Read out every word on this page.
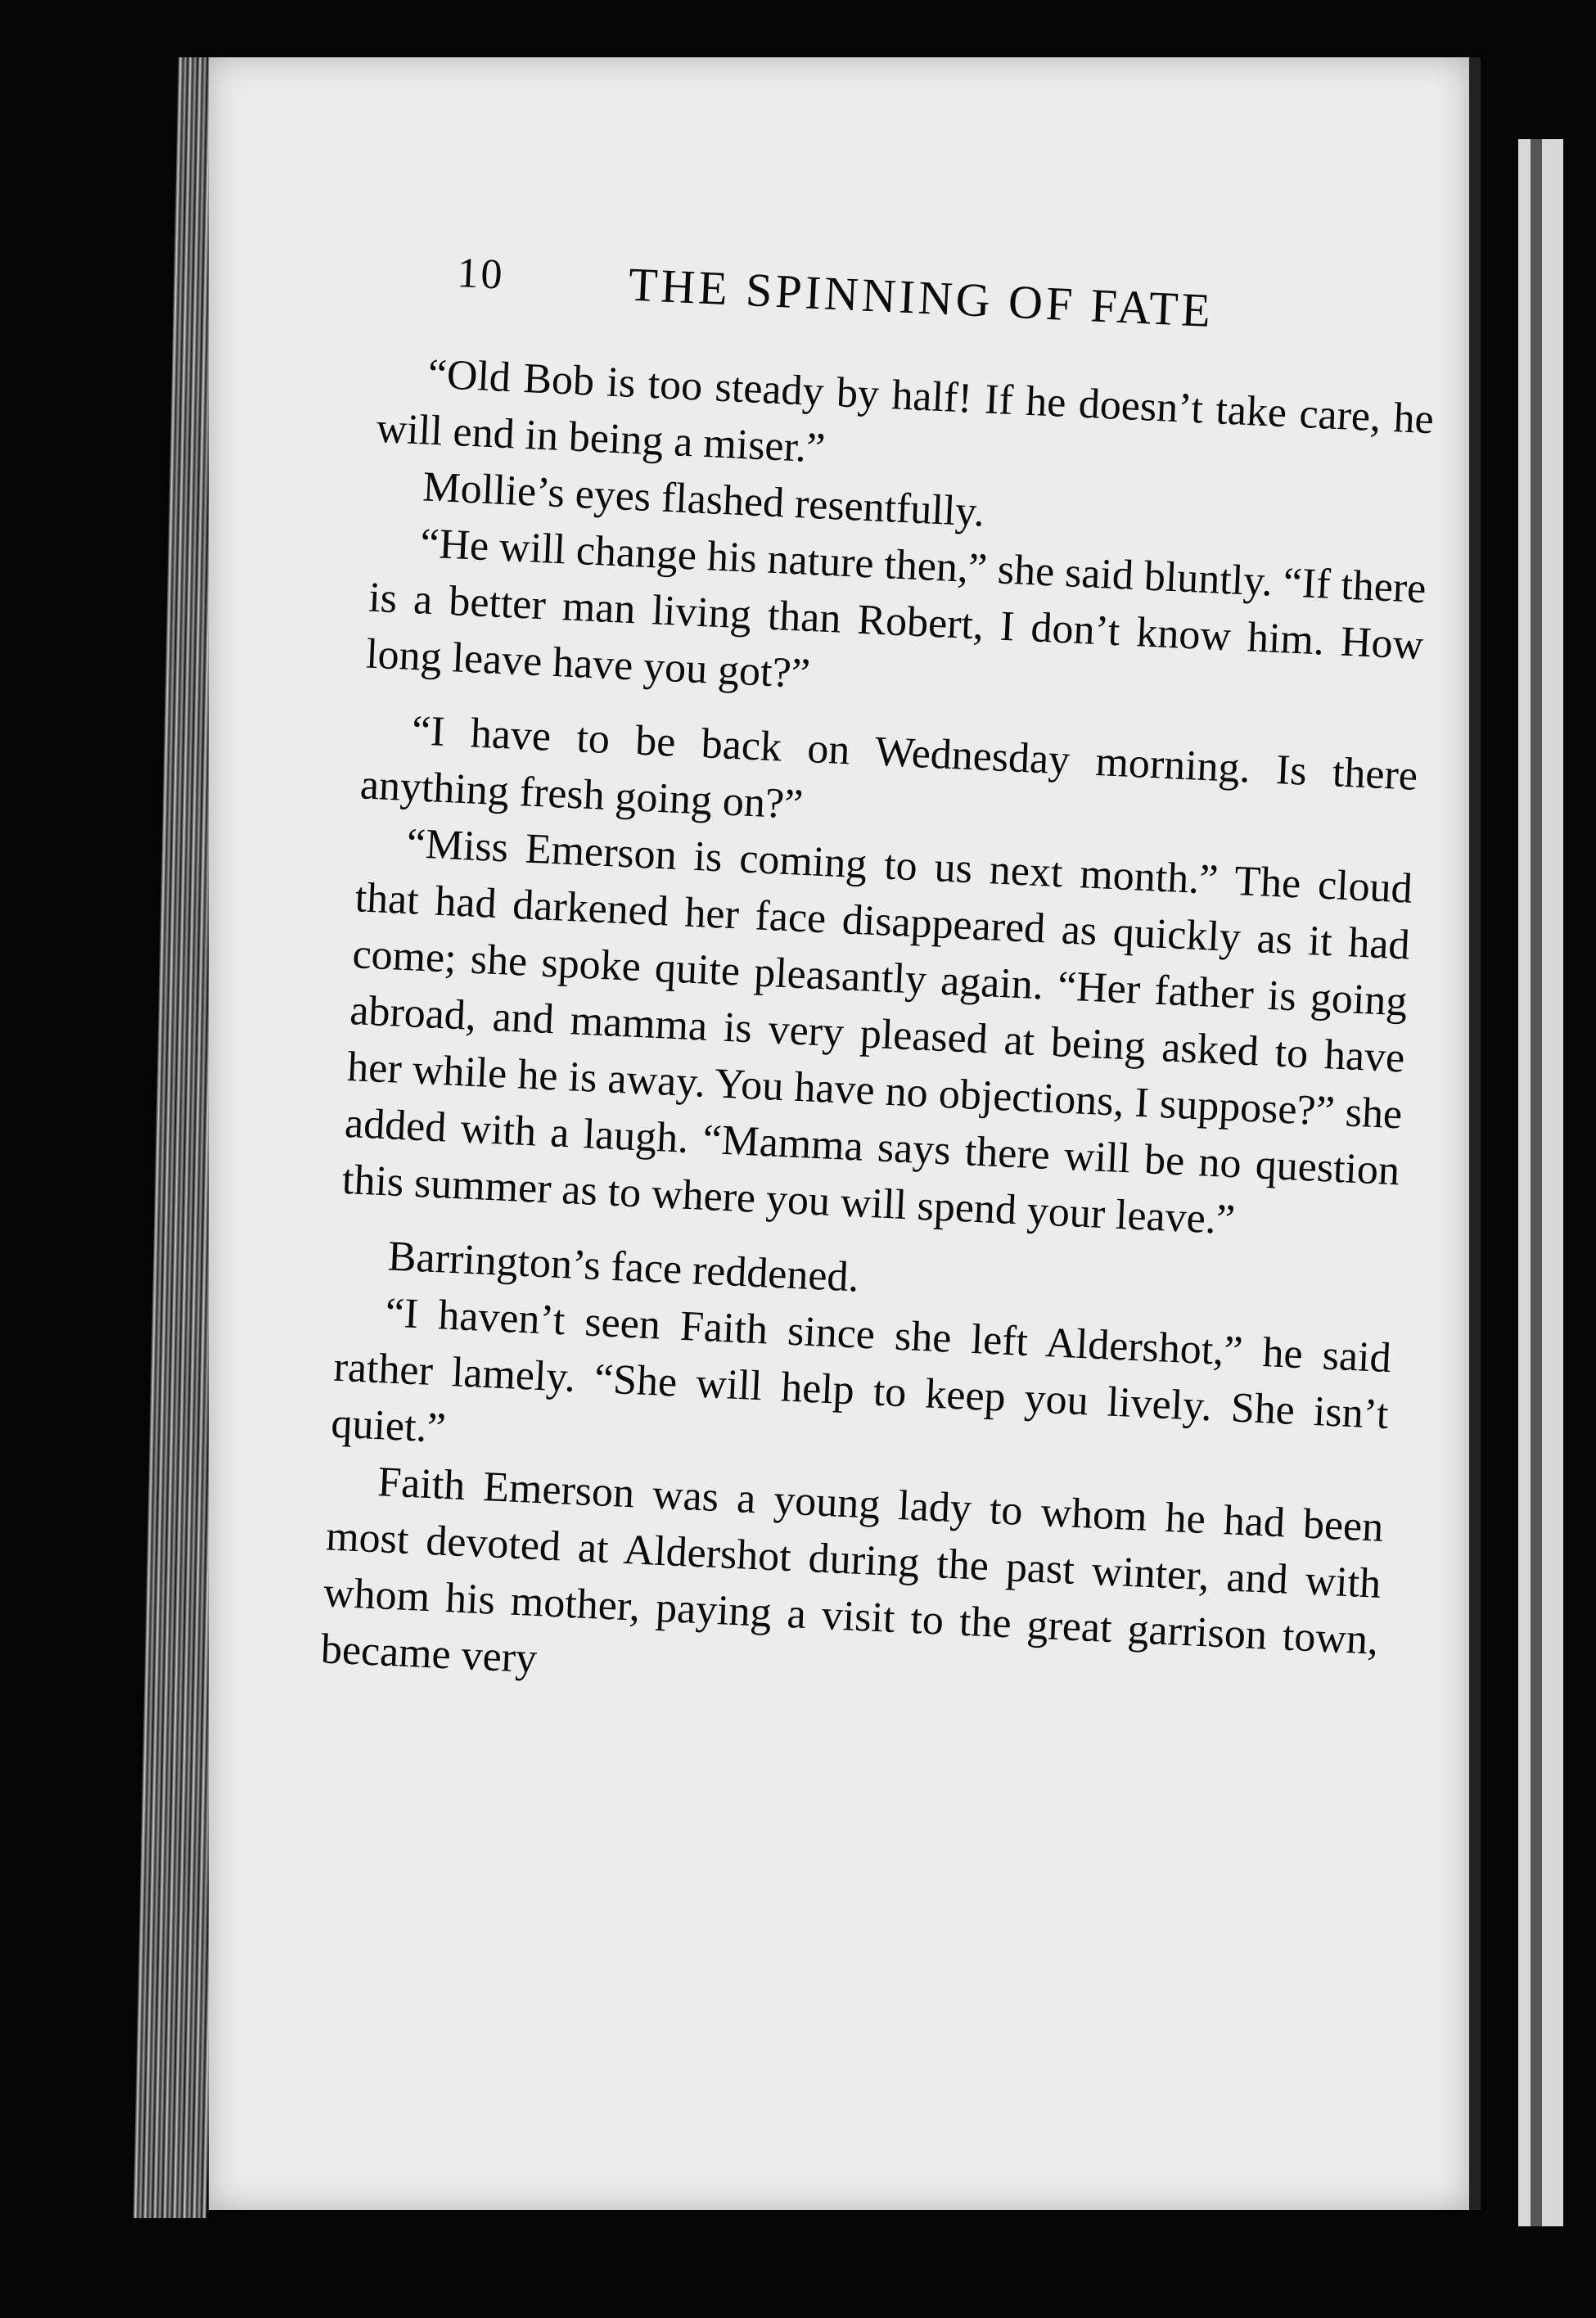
10	THE SPINNING OF FATE

“Old Bob is too steady by half! If he doesn’t take care, he will end in being a miser.”

Mollie’s eyes flashed resentfully.

“He will change his nature then,” she said bluntly. “If there is a better man living than Robert, I don’t know him. How long leave have you got?”

“I have to be back on Wednesday morning. Is there anything fresh going on?”

“Miss Emerson is coming to us next month.” The cloud that had darkened her face disappeared as quickly as it had come; she spoke quite pleasantly again. “Her father is going abroad, and mamma is very pleased at being asked to have her while he is away. You have no objections, I suppose?” she added with a laugh. “Mamma says there will be no question this summer as to where you will spend your leave.”

Barrington’s face reddened.

“I haven’t seen Faith since she left Aldershot,” he said rather lamely. “She will help to keep you lively. She isn’t quiet.”

Faith Emerson was a young lady to whom he had been most devoted at Aldershot during the past winter, and with whom his mother, paying a visit to the great garrison town, became very
